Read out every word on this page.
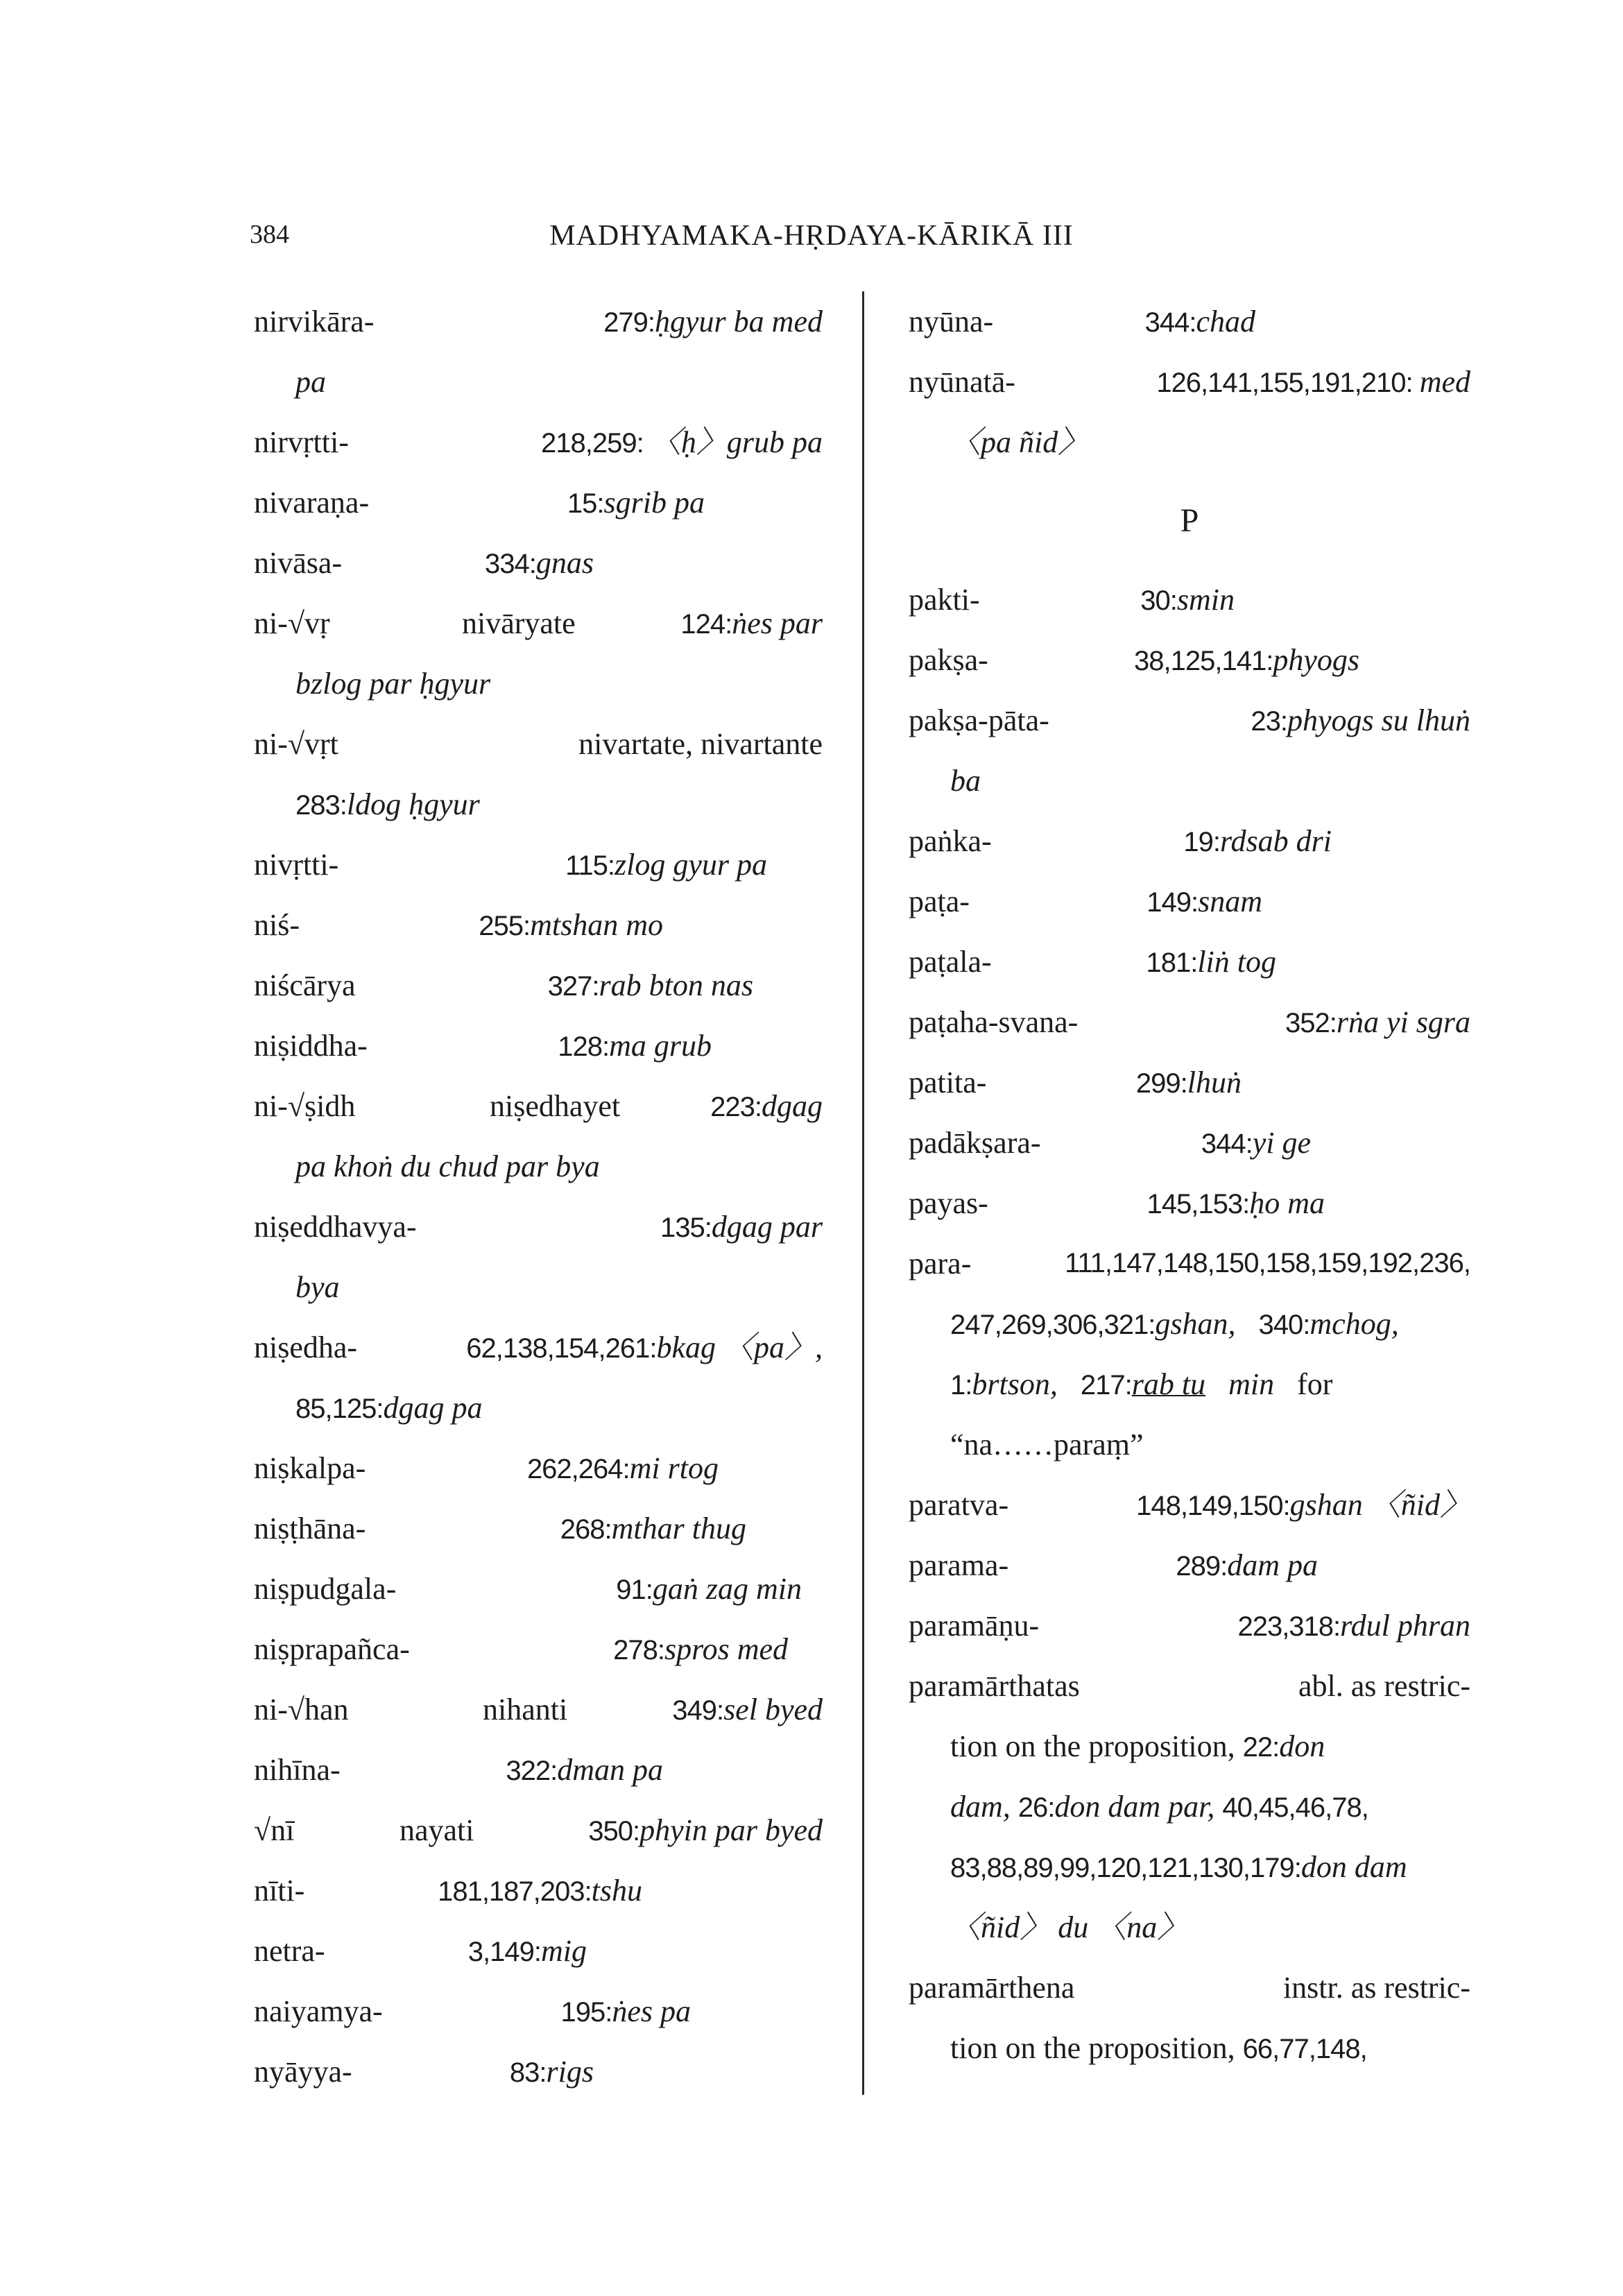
384	MADHYAMAKA-HṚDAYA-KĀRIKĀ III
nirvikāra-	279:ḥgyur ba med
pa
nirvṛtti-	218,259: 〈ḥ〉grub pa
nivaraṇa-	15:sgrib pa
nivāsa-	334:gnas
ni-√vṛ	nivāryate	124:ṅes par
bzlog par ḥgyur
ni-√vṛt	nivartate, nivartante
283:ldog ḥgyur
nivṛtti-	115:zlog gyur pa
niś-	255:mtshan mo
niścārya	327:rab bton nas
niṣiddha-	128:ma grub
ni-√ṣidh	niṣedhayet	223:dgag
pa khoṅ du chud par bya
niṣeddhavya-	135:dgag par
bya
niṣedha-	62,138,154,261:bkag 〈pa〉,
85,125:dgag pa
niṣkalpa-	262,264:mi rtog
niṣṭhāna-	268:mthar thug
niṣpudgala-	91:gaṅ zag min
niṣprapañca-	278:spros med
ni-√han	nihanti	349:sel byed
nihīna-	322:dman pa
√nī	nayati	350:phyin par byed
nīti-	181,187,203:tshu
netra-	3,149:mig
naiyamya-	195:ṅes pa
nyāyya-	83:rigs
nyūna-	344:chad
nyūnatā-	126,141,155,191,210: med
〈pa ñid〉
P
pakti-	30:smin
pakṣa-	38,125,141:phyogs
pakṣa-pāta-	23:phyogs su lhuṅ
ba
paṅka-	19:rdsab dri
paṭa-	149:snam
paṭala-	181:liṅ tog
paṭaha-svana-	352:rṅa yi sgra
patita-	299:lhuṅ
padākṣara-	344:yi ge
payas-	145,153:ḥo ma
para-	111,147,148,150,158,159,192,236,
247,269,306,321:gshan, 340:mchog,
1:brtson, 217:rab tu min for
“na……paraṃ”
paratva-	148,149,150:gshan 〈ñid〉
parama-	289:dam pa
paramāṇu-	223,318:rdul phran
paramārthatas	abl. as restric-
tion on the proposition, 22:don
dam, 26:don dam par, 40,45,46,78,
83,88,89,99,120,121,130,179:don dam
〈ñid〉 du 〈na〉
paramārthena	instr. as restric-
tion on the proposition, 66,77,148,
